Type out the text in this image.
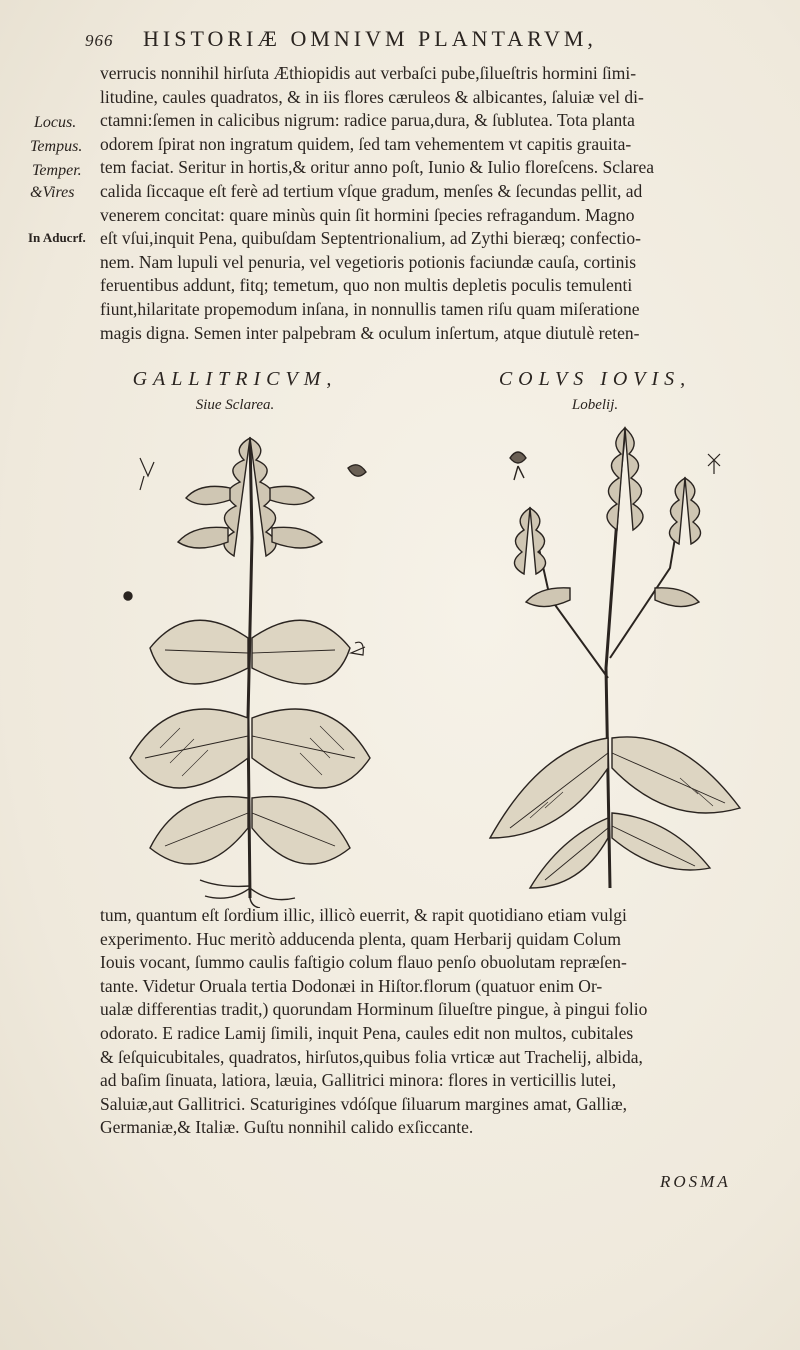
966 HISTORIÆ OMNIVM PLANTARVM,
Locus.
Tempus.
Temper.
&Vires
In Aducrf.
verrucis nonnihil hirſuta Æthiopidis aut verbaſci pube,ſilueſtris hormini ſimi-
litudine, caules quadratos, & in iis flores cæruleos & albicantes, ſaluiæ vel di-
ctamni:ſemen in calicibus nigrum: radice parua,dura, & ſublutea. Tota planta
odorem ſpirat non ingratum quidem, ſed tam vehementem vt capitis grauita-
tem faciat. Seritur in hortis,& oritur anno poſt, Iunio & Iulio floreſcens. Sclarea
calida ſiccaque eſt ferè ad tertium vſque gradum, menſes & ſecundas pellit, ad
venerem concitat: quare minùs quin ſit hormini ſpecies refragandum. Magno
eſt vſui,inquit Pena, quibuſdam Septentrionalium, ad Zythi bieræq; confectio-
nem. Nam lupuli vel penuria, vel vegetioris potionis faciundæ cauſa, cortinis
feruentibus addunt, fitq; temetum, quo non multis depletis poculis temulenti
fiunt,hilaritate propemodum inſana, in nonnullis tamen riſu quam miſeratione
magis digna. Semen inter palpebram & oculum inſertum, atque diutulè reten-
GALLITRICVM,
Siue Sclarea.
COLVS IOVIS,
Lobelij.
tum, quantum eſt ſordium illic, illicò euerrit, & rapit quotidiano etiam vulgi
experimento. Huc meritò adducenda plenta, quam Herbarij quidam Colum
Iouis vocant, ſummo caulis faſtigio colum flauo penſo obuolutam repræſen-
tante. Videtur Oruala tertia Dodonæi in Hiſtor.florum (quatuor enim Or-
ualæ differentias tradit,) quorundam Horminum ſilueſtre pingue, à pingui folio
odorato. E radice Lamij ſimili, inquit Pena, caules edit non multos, cubitales
& ſeſquicubitales, quadratos, hirſutos,quibus folia vrticæ aut Trachelij, albida,
ad baſim ſinuata, latiora, læuia, Gallitrici minora: flores in verticillis lutei,
Saluiæ,aut Gallitrici. Scaturigines vdóſque ſiluarum margines amat, Galliæ,
Germaniæ,& Italiæ. Guſtu nonnihil calido exſiccante.
ROSMA
